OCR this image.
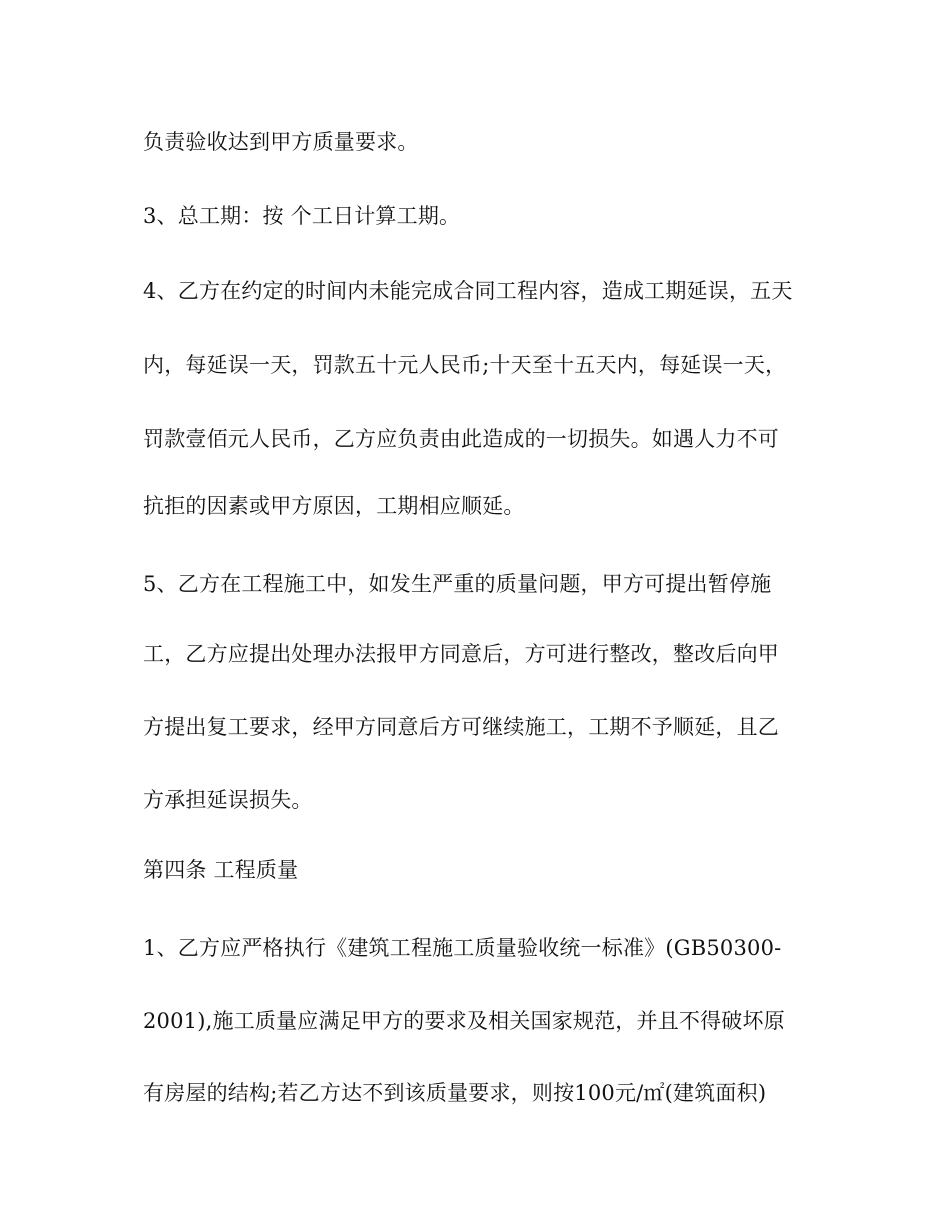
负责验收达到甲方质量要求。
3、总工期：按 个工日计算工期。
4、乙方在约定的时间内未能完成合同工程内容，造成工期延误，五天
内，每延误一天，罚款五十元人民币;十天至十五天内，每延误一天，
罚款壹佰元人民币，乙方应负责由此造成的一切损失。如遇人力不可
抗拒的因素或甲方原因，工期相应顺延。
5、乙方在工程施工中，如发生严重的质量问题，甲方可提出暂停施
工，乙方应提出处理办法报甲方同意后，方可进行整改，整改后向甲
方提出复工要求，经甲方同意后方可继续施工，工期不予顺延，且乙
方承担延误损失。
第四条 工程质量
1、乙方应严格执行《建筑工程施工质量验收统一标准》(GB50300-
2001),施工质量应满足甲方的要求及相关国家规范，并且不得破坏原
有房屋的结构;若乙方达不到该质量要求，则按100元/㎡(建筑面积)
